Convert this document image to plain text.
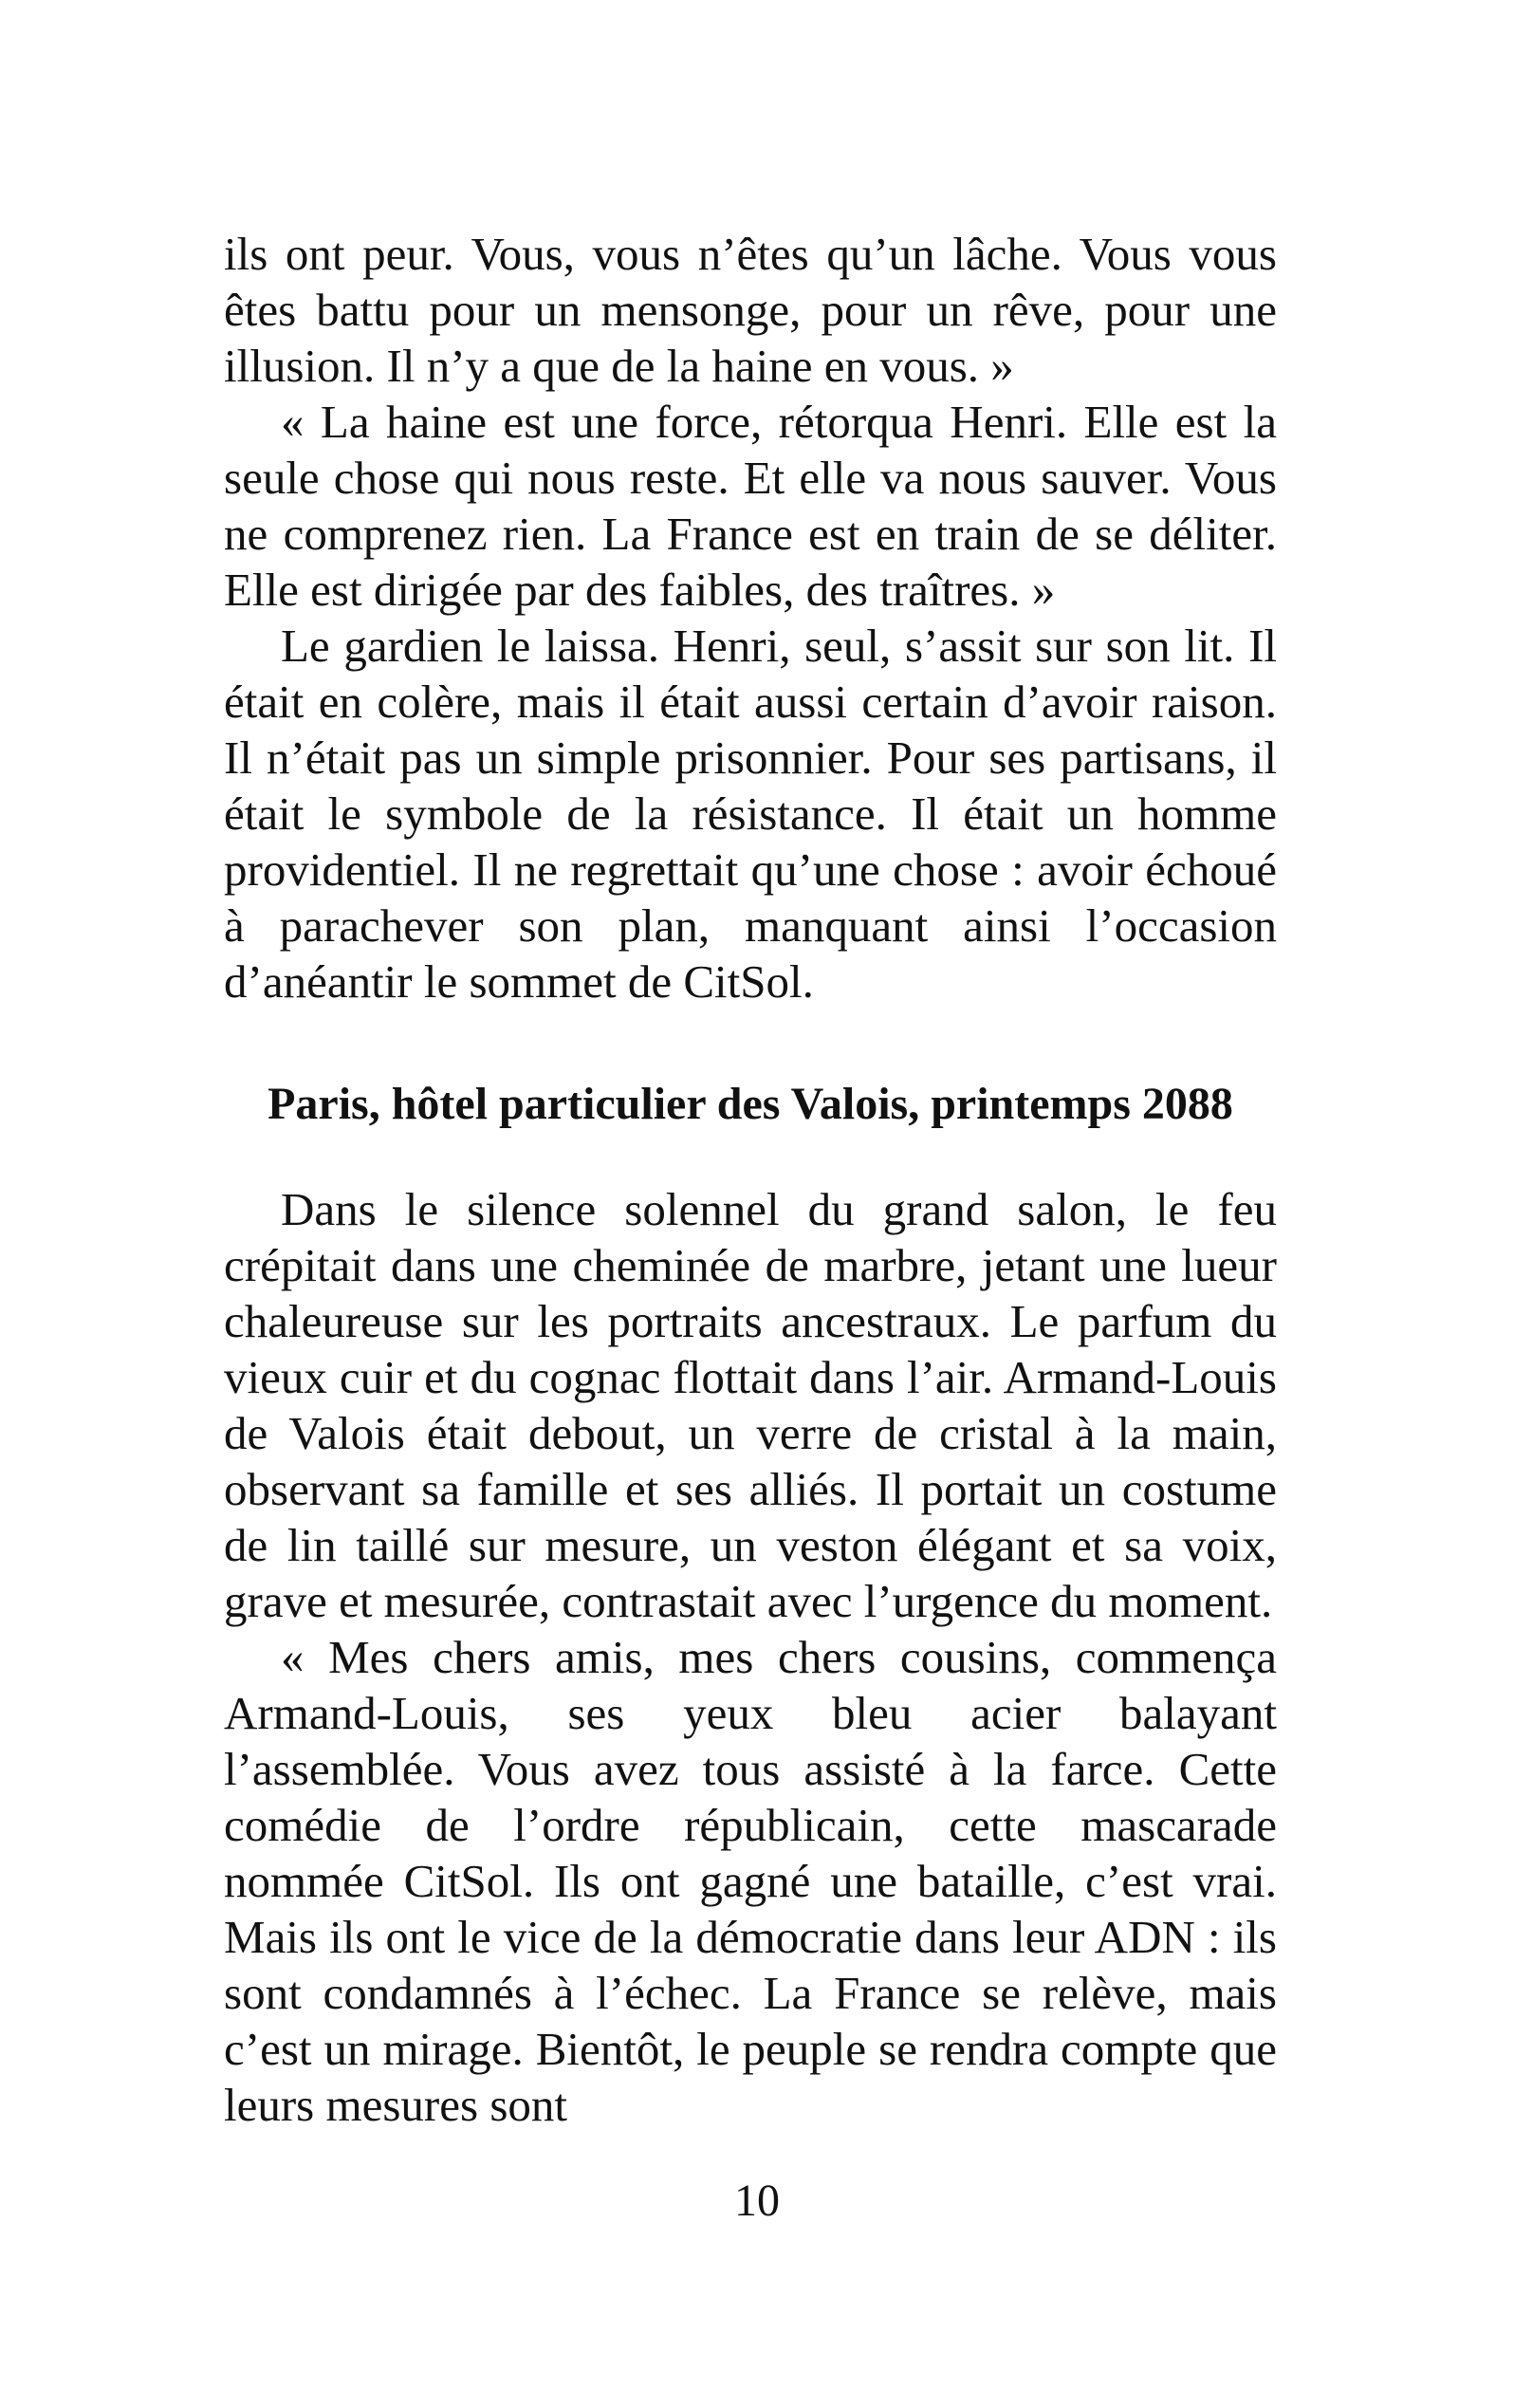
ils ont peur. Vous, vous n’êtes qu’un lâche. Vous vous êtes battu pour un mensonge, pour un rêve, pour une illusion. Il n’y a que de la haine en vous. »

« La haine est une force, rétorqua Henri. Elle est la seule chose qui nous reste. Et elle va nous sauver. Vous ne comprenez rien. La France est en train de se déliter. Elle est dirigée par des faibles, des traîtres. »

Le gardien le laissa. Henri, seul, s’assit sur son lit. Il était en colère, mais il était aussi certain d’avoir raison. Il n’était pas un simple prisonnier. Pour ses partisans, il était le symbole de la résistance. Il était un homme providentiel. Il ne regrettait qu’une chose : avoir échoué à parachever son plan, manquant ainsi l’occasion d’anéantir le sommet de CitSol.

Paris, hôtel particulier des Valois, printemps 2088

Dans le silence solennel du grand salon, le feu crépitait dans une cheminée de marbre, jetant une lueur chaleureuse sur les portraits ancestraux. Le parfum du vieux cuir et du cognac flottait dans l’air. Armand-Louis de Valois était debout, un verre de cristal à la main, observant sa famille et ses alliés. Il portait un costume de lin taillé sur mesure, un veston élégant et sa voix, grave et mesurée, contrastait avec l’urgence du moment.

« Mes chers amis, mes chers cousins, commença Armand-Louis, ses yeux bleu acier balayant l’assemblée. Vous avez tous assisté à la farce. Cette comédie de l’ordre républicain, cette mascarade nommée CitSol. Ils ont gagné une bataille, c’est vrai. Mais ils ont le vice de la démocratie dans leur ADN : ils sont condamnés à l’échec. La France se relève, mais c’est un mirage. Bientôt, le peuple se rendra compte que leurs mesures sont

10
